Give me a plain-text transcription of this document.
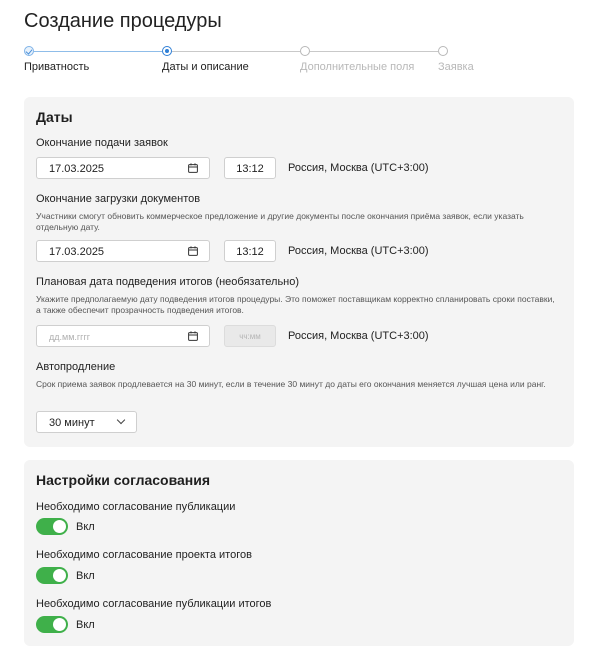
Создание процедуры
Приватность	Даты и описание	Дополнительные поля Заявка
Даты
Окончание подачи заявок
17.03.2025	13:12	Россия, Москва (UTC+3:00)
Окончание загрузки документов
Участники смогут обновить коммерческое предложение и другие документы после окончания приёма заявок, если указать отдельную дату.
17.03.2025	13:12	Россия, Москва (UTC+3:00)
Плановая дата подведения итогов (необязательно)
Укажите предполагаемую дату подведения итогов процедуры. Это поможет поставщикам корректно спланировать сроки поставки, а также обеспечит прозрачность подведения итогов.
дд.мм.гггг	чч:мм	Россия, Москва (UTC+3:00)
Автопродление
Срок приема заявок продлевается на 30 минут, если в течение 30 минут до даты его окончания меняется лучшая цена или ранг.
30 минут
Настройки согласования
Необходимо согласование публикации
Вкл
Необходимо согласование проекта итогов
Вкл
Необходимо согласование публикации итогов
Вкл
